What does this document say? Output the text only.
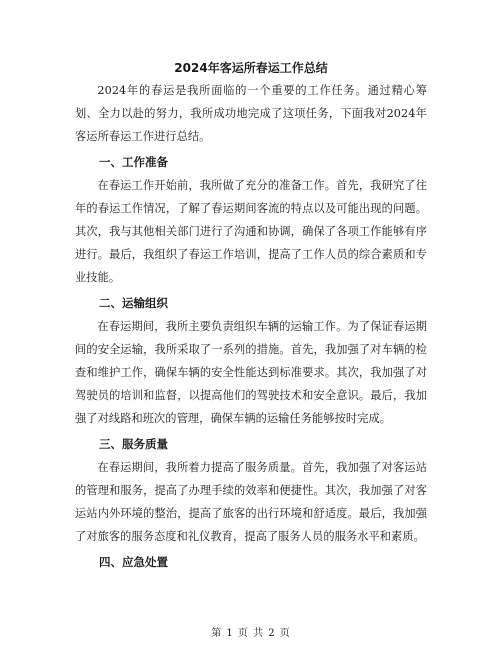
2024年客运所春运工作总结

2024年的春运是我所面临的一个重要的工作任务。通过精心筹划、全力以赴的努力，我所成功地完成了这项任务，下面我对2024年客运所春运工作进行总结。

一、工作准备

在春运工作开始前，我所做了充分的准备工作。首先，我研究了往年的春运工作情况，了解了春运期间客流的特点以及可能出现的问题。其次，我与其他相关部门进行了沟通和协调，确保了各项工作能够有序进行。最后，我组织了春运工作培训，提高了工作人员的综合素质和专业技能。

二、运输组织

在春运期间，我所主要负责组织车辆的运输工作。为了保证春运期间的安全运输，我所采取了一系列的措施。首先，我加强了对车辆的检查和维护工作，确保车辆的安全性能达到标准要求。其次，我加强了对驾驶员的培训和监督，以提高他们的驾驶技术和安全意识。最后，我加强了对线路和班次的管理，确保车辆的运输任务能够按时完成。

三、服务质量

在春运期间，我所着力提高了服务质量。首先，我加强了对客运站的管理和服务，提高了办理手续的效率和便捷性。其次，我加强了对客运站内外环境的整治，提高了旅客的出行环境和舒适度。最后，我加强了对旅客的服务态度和礼仪教育，提高了服务人员的服务水平和素质。

四、应急处置
第 1 页 共 2 页
